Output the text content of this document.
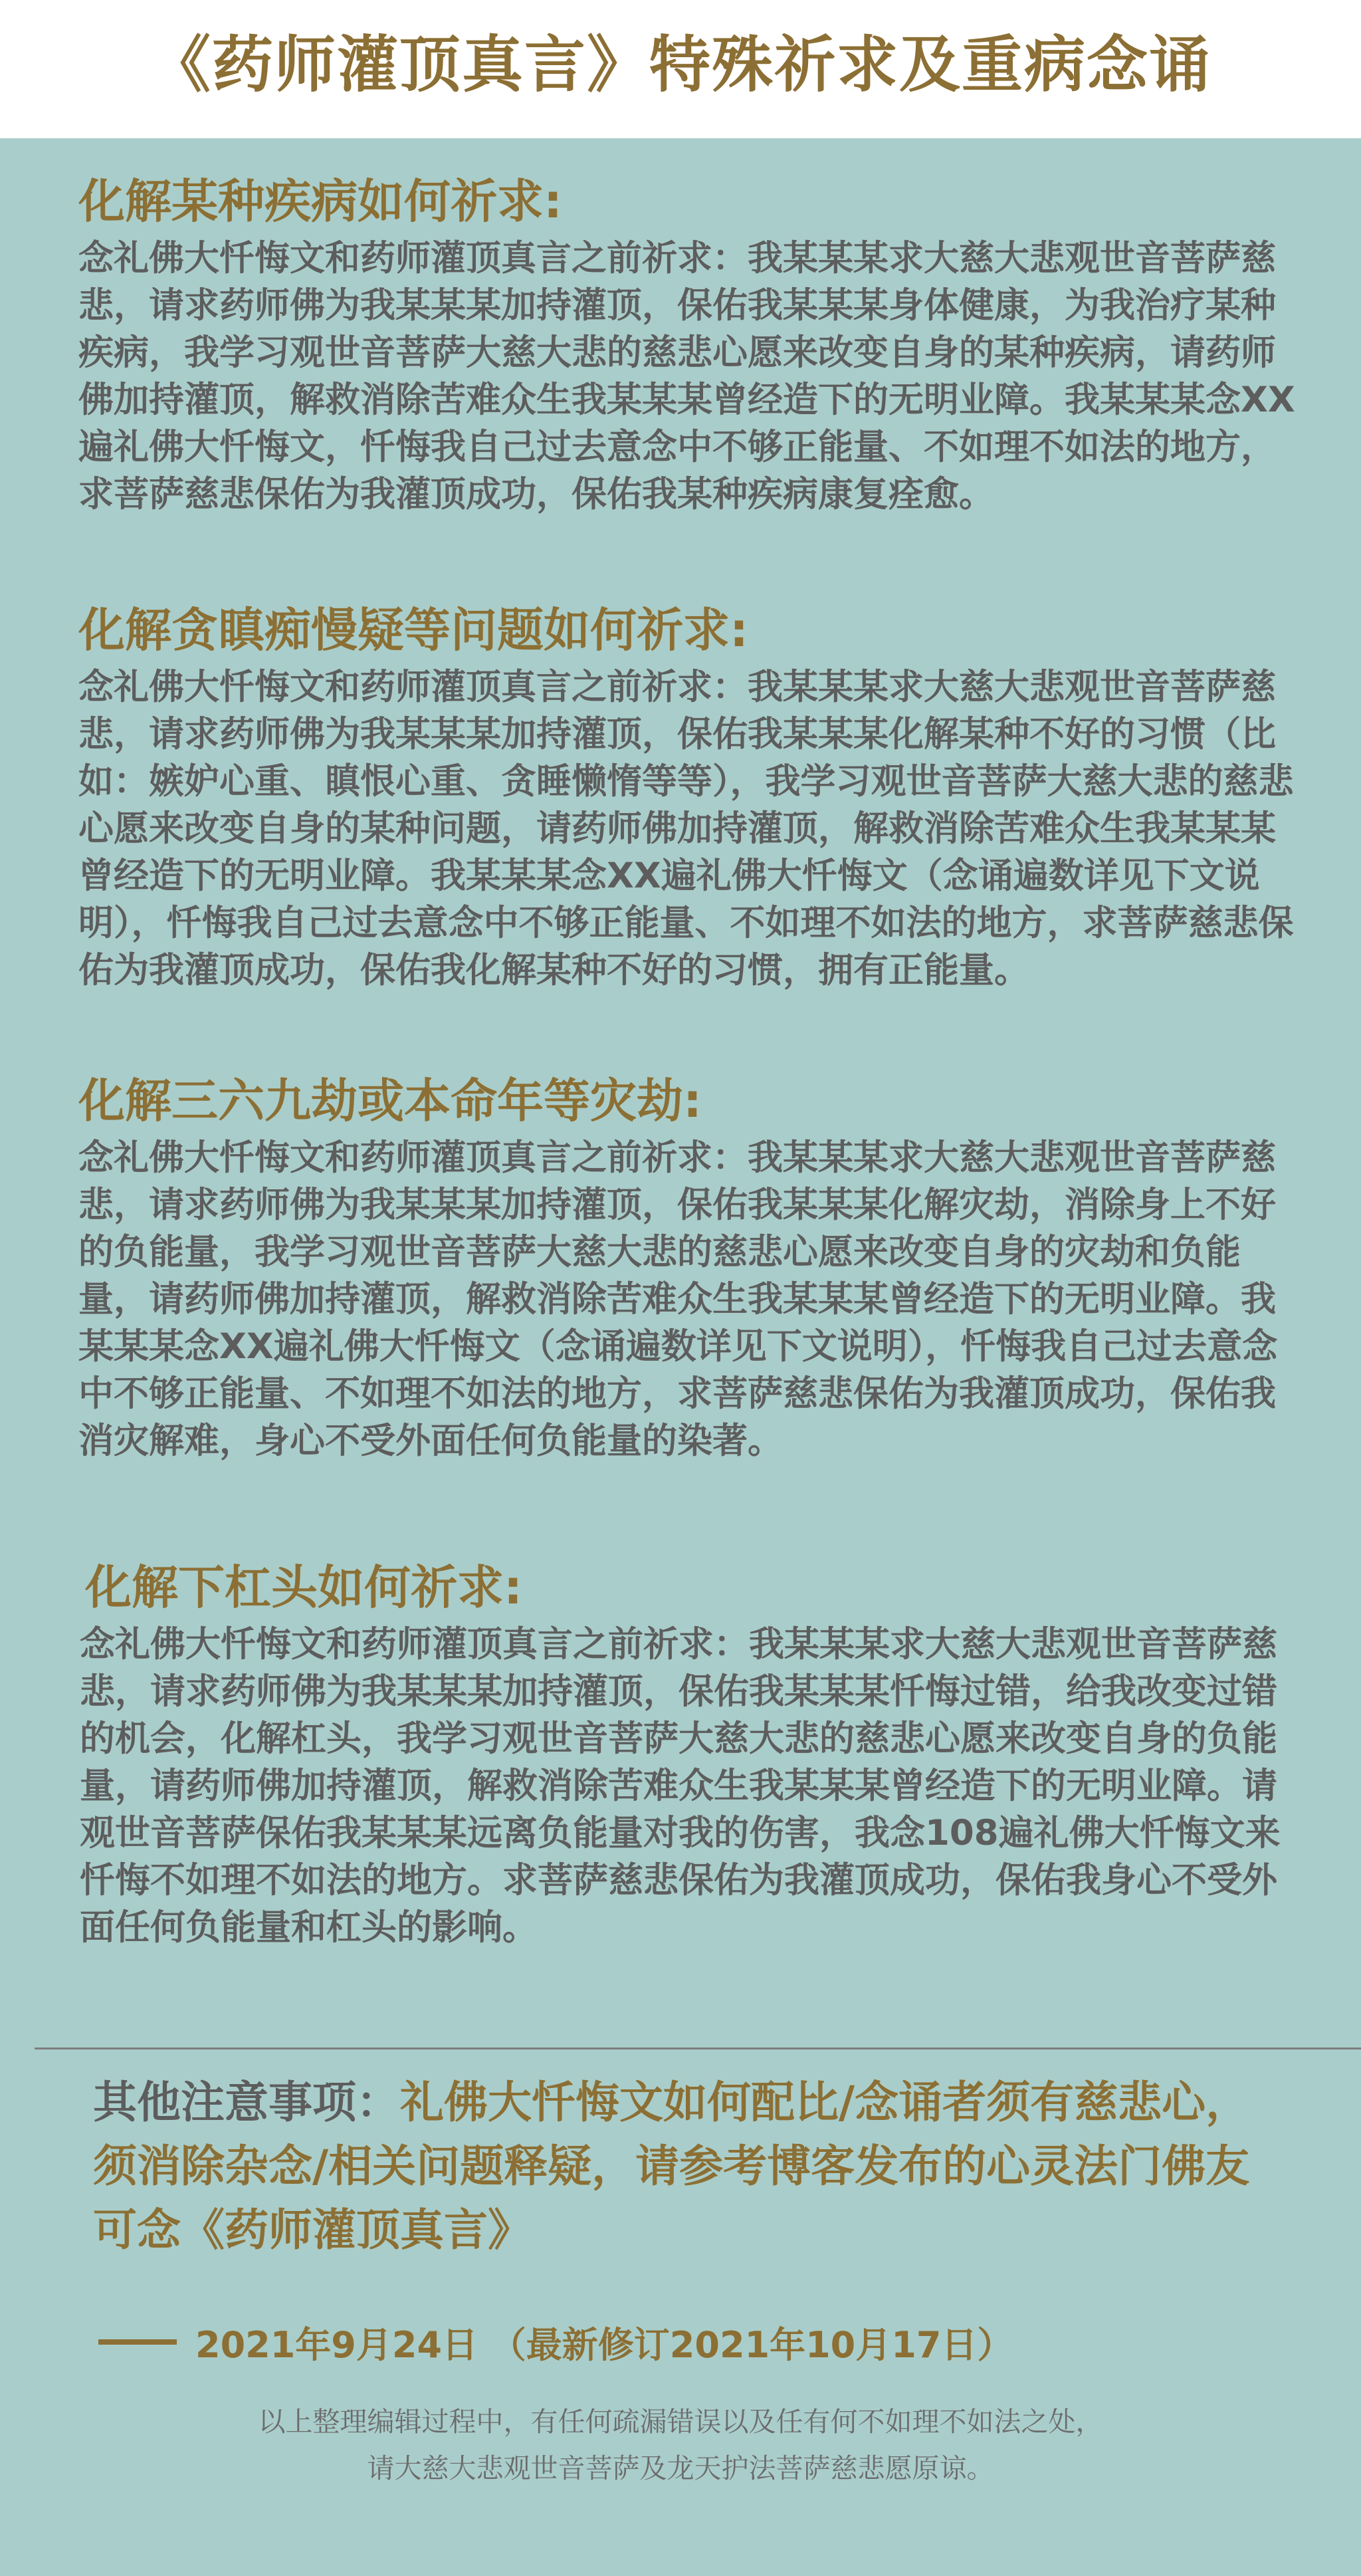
《药师灌顶真言》特殊祈求及重病念诵
化解某种疾病如何祈求:
念礼佛大忏悔文和药师灌顶真言之前祈求：我某某某求大慈大悲观世音菩萨慈悲，请求药师佛为我某某某加持灌顶，保佑我某某某身体健康，为我治疗某种疾病，我学习观世音菩萨大慈大悲的慈悲心愿来改变自身的某种疾病，请药师佛加持灌顶，解救消除苦难众生我某某某曾经造下的无明业障。我某某某念XX遍礼佛大忏悔文，忏悔我自己过去意念中不够正能量、不如理不如法的地方，求菩萨慈悲保佑为我灌顶成功，保佑我某种疾病康复痊愈。
化解贪瞋痴慢疑等问题如何祈求:
念礼佛大忏悔文和药师灌顶真言之前祈求：我某某某求大慈大悲观世音菩萨慈悲，请求药师佛为我某某某加持灌顶，保佑我某某某化解某种不好的习惯（比如：嫉妒心重、瞋恨心重、贪睡懒惰等等），我学习观世音菩萨大慈大悲的慈悲心愿来改变自身的某种问题，请药师佛加持灌顶，解救消除苦难众生我某某某曾经造下的无明业障。我某某某念XX遍礼佛大忏悔文（念诵遍数详见下文说明），忏悔我自己过去意念中不够正能量、不如理不如法的地方，求菩萨慈悲保佑为我灌顶成功，保佑我化解某种不好的习惯，拥有正能量。
化解三六九劫或本命年等灾劫:
念礼佛大忏悔文和药师灌顶真言之前祈求：我某某某求大慈大悲观世音菩萨慈悲，请求药师佛为我某某某加持灌顶，保佑我某某某化解灾劫，消除身上不好的负能量，我学习观世音菩萨大慈大悲的慈悲心愿来改变自身的灾劫和负能量，请药师佛加持灌顶，解救消除苦难众生我某某某曾经造下的无明业障。我某某某念XX遍礼佛大忏悔文（念诵遍数详见下文说明），忏悔我自己过去意念中不够正能量、不如理不如法的地方，求菩萨慈悲保佑为我灌顶成功，保佑我消灾解难，身心不受外面任何负能量的染著。
化解下杠头如何祈求:
念礼佛大忏悔文和药师灌顶真言之前祈求：我某某某求大慈大悲观世音菩萨慈悲，请求药师佛为我某某某加持灌顶，保佑我某某某忏悔过错，给我改变过错的机会，化解杠头，我学习观世音菩萨大慈大悲的慈悲心愿来改变自身的负能量，请药师佛加持灌顶，解救消除苦难众生我某某某曾经造下的无明业障。请观世音菩萨保佑我某某某远离负能量对我的伤害，我念108遍礼佛大忏悔文来忏悔不如理不如法的地方。求菩萨慈悲保佑为我灌顶成功，保佑我身心不受外面任何负能量和杠头的影响。
其他注意事项：礼佛大忏悔文如何配比/念诵者须有慈悲心，须消除杂念/相关问题释疑，请参考博客发布的心灵法门佛友可念《药师灌顶真言》
2021年9月24日 （最新修订2021年10月17日）
以上整理编辑过程中，有任何疏漏错误以及任有何不如理不如法之处，
请大慈大悲观世音菩萨及龙天护法菩萨慈悲愿原谅。
